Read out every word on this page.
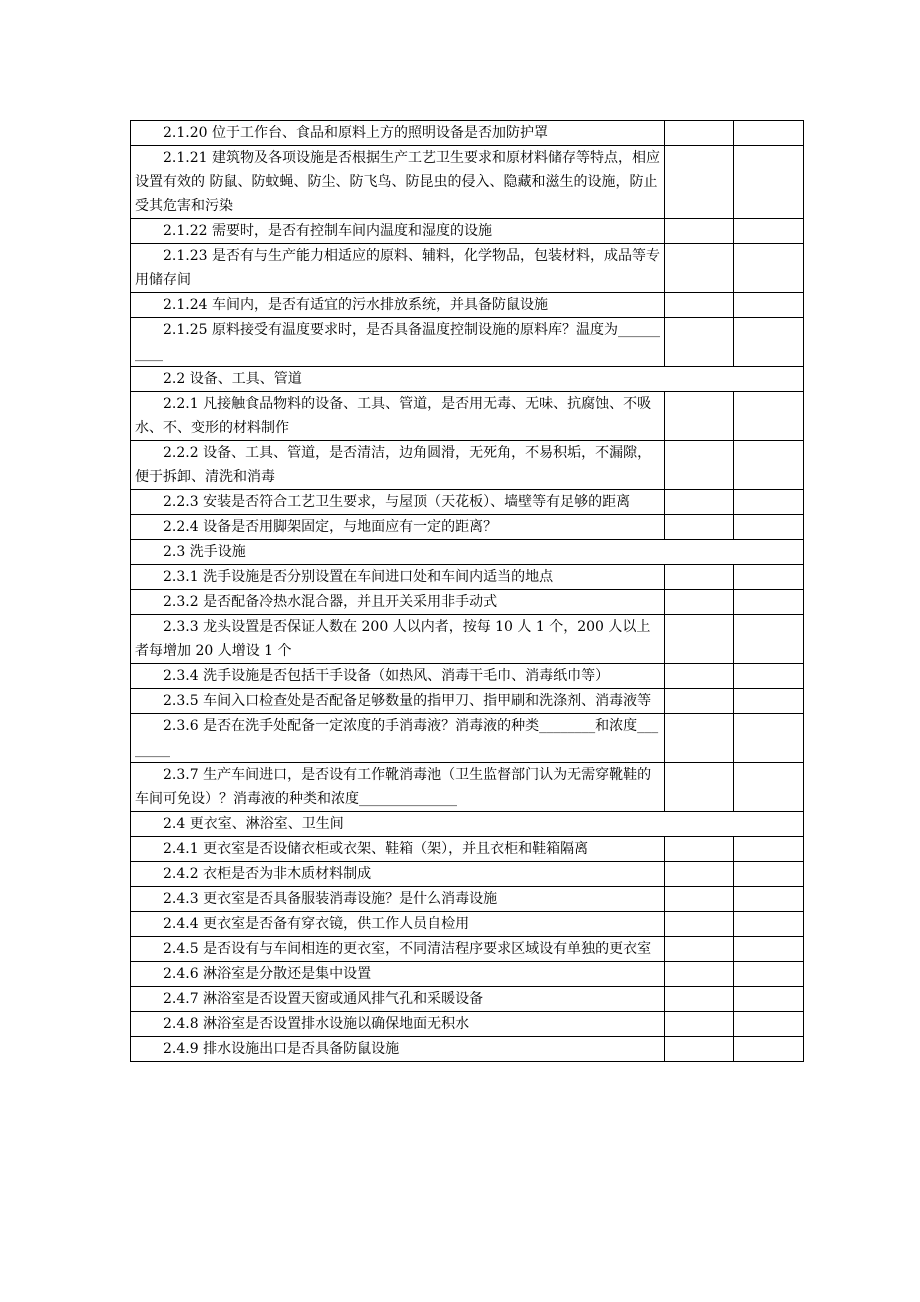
2.1.20 位于工作台、食品和原料上方的照明设备是否加防护罩		
2.1.21 建筑物及各项设施是否根据生产工艺卫生要求和原材料储存等特点，相应设置有效的 防鼠、防蚊蝇、防尘、防飞鸟、防昆虫的侵入、隐藏和滋生的设施，防止受其危害和污染		
2.1.22 需要时，是否有控制车间内温度和湿度的设施		
2.1.23 是否有与生产能力相适应的原料、辅料，化学物品，包装材料，成品等专用储存间		
2.1.24 车间内，是否有适宜的污水排放系统，并具备防鼠设施		
2.1.25 原料接受有温度要求时，是否具备温度控制设施的原料库？温度为__________		
2.2 设备、工具、管道		
2.2.1 凡接触食品物料的设备、工具、管道，是否用无毒、无味、抗腐蚀、不吸水、不、变形的材料制作		
2.2.2 设备、工具、管道，是否清洁，边角圆滑，无死角，不易积垢，不漏隙，便于拆卸、清洗和消毒		
2.2.3 安装是否符合工艺卫生要求，与屋顶（天花板）、墙壁等有足够的距离		
2.2.4 设备是否用脚架固定，与地面应有一定的距离？		
2.3 洗手设施		
2.3.1 洗手设施是否分别设置在车间进口处和车间内适当的地点		
2.3.2 是否配备冷热水混合器，并且开关采用非手动式		
2.3.3 龙头设置是否保证人数在 200 人以内者，按每 10 人 1 个，200 人以上者每增加 20 人增设 1 个		
2.3.4 洗手设施是否包括干手设备（如热风、消毒干毛巾、消毒纸巾等）		
2.3.5 车间入口检查处是否配备足够数量的指甲刀、指甲刷和洗涤剂、消毒液等		
2.3.6 是否在洗手处配备一定浓度的手消毒液？消毒液的种类________和浓度________		
2.3.7 生产车间进口，是否设有工作靴消毒池（卫生监督部门认为无需穿靴鞋的车间可免设）？消毒液的种类和浓度______________		
2.4 更衣室、淋浴室、卫生间		
2.4.1 更衣室是否设储衣柜或衣架、鞋箱（架），并且衣柜和鞋箱隔离		
2.4.2 衣柜是否为非木质材料制成		
2.4.3 更衣室是否具备服装消毒设施？是什么消毒设施		
2.4.4 更衣室是否备有穿衣镜，供工作人员自检用		
2.4.5 是否设有与车间相连的更衣室，不同清洁程序要求区域设有单独的更衣室		
2.4.6 淋浴室是分散还是集中设置		
2.4.7 淋浴室是否设置天窗或通风排气孔和采暖设备		
2.4.8 淋浴室是否设置排水设施以确保地面无积水		
2.4.9 排水设施出口是否具备防鼠设施		
